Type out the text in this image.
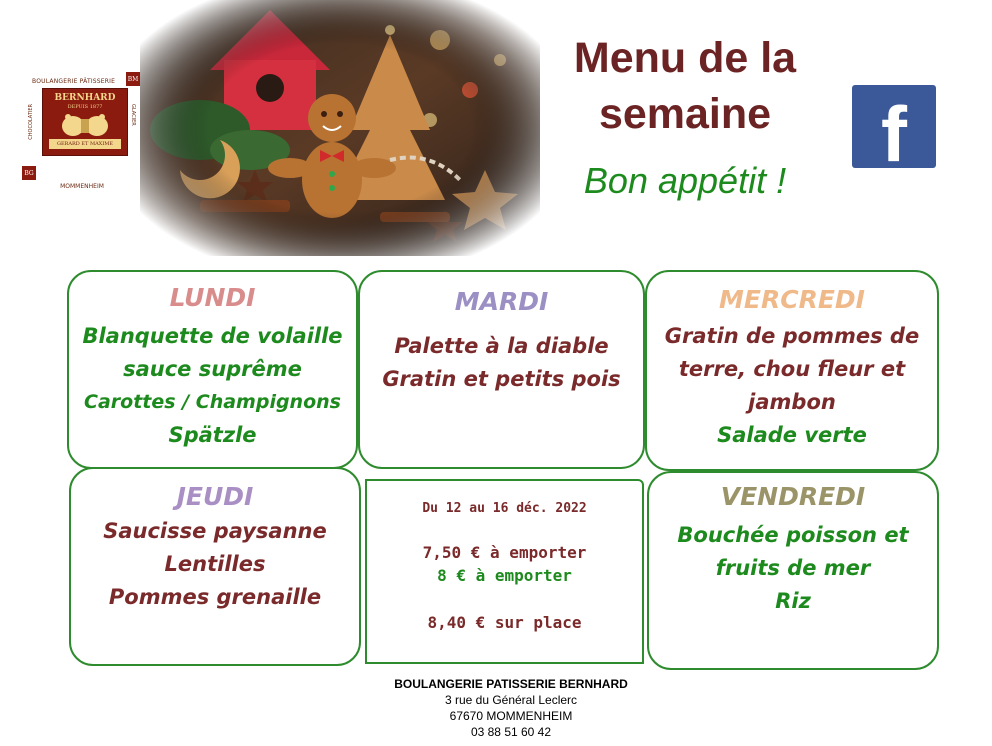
BOULANGERIE PÂTISSERIE BM
CHOCOLATIER	GLACIER
BERNHARD
DEPUIS 1877
GERARD ET MAXIME
BG
MOMMENHEIM
Menu de la
semaine
Bon appétit !
f
LUNDI
Blanquette de volaille
sauce suprême
Carottes / Champignons
Spätzle
MARDI
Palette à la diable
Gratin et petits pois
MERCREDI
Gratin de pommes de
terre, chou fleur et
jambon
Salade verte
JEUDI
Saucisse paysanne
Lentilles
Pommes grenaille
Du 12 au 16 déc. 2022
7,50 € à emporter
8 € à emporter
8,40 € sur place
VENDREDI
Bouchée poisson et
fruits de mer
Riz
BOULANGERIE PATISSERIE BERNHARD
3 rue du Général Leclerc
67670 MOMMENHEIM
03 88 51 60 42
